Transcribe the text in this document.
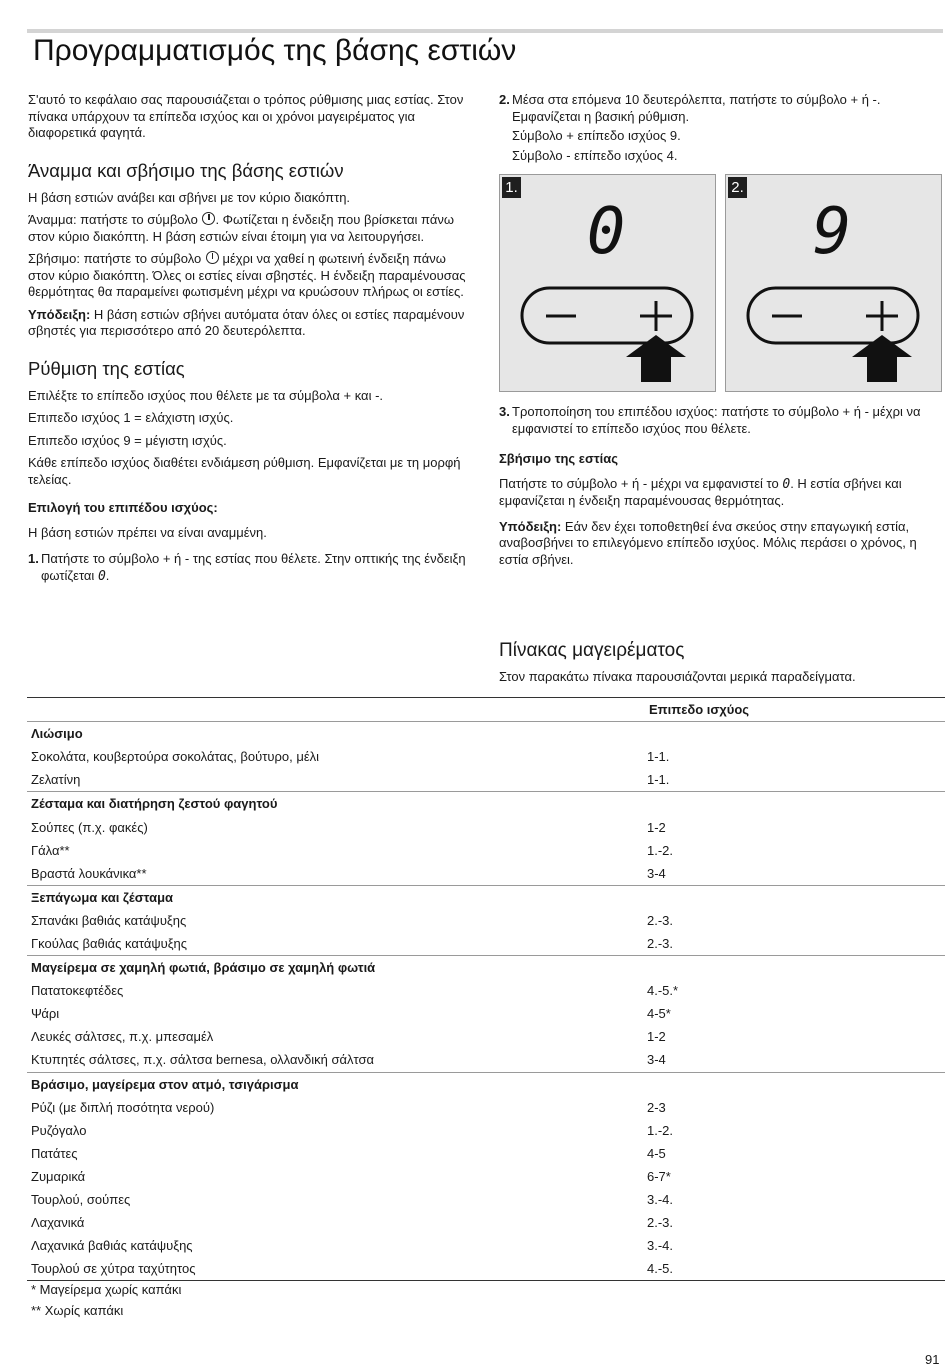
Προγραμματισμός της βάσης εστιών

Σ'αυτό το κεφάλαιο σας παρουσιάζεται ο τρόπος ρύθμισης μιας εστίας. Στον πίνακα υπάρχουν τα επίπεδα ισχύος και οι χρόνοι μαγειρέματος για διαφορετικά φαγητά.

Άναμμα και σβήσιμο της βάσης εστιών

Η βάση εστιών ανάβει και σβήνει με τον κύριο διακόπτη.

Άναμμα: πατήστε το σύμβολο . Φωτίζεται η ένδειξη που βρίσκεται πάνω στον κύριο διακόπτη. Η βάση εστιών είναι έτοιμη για να λειτουργήσει.

Σβήσιμο: πατήστε το σύμβολο μέχρι να χαθεί η φωτεινή ένδειξη πάνω στον κύριο διακόπτη. Όλες οι εστίες είναι σβηστές. Η ένδειξη παραμένουσας θερμότητας θα παραμείνει φωτισμένη μέχρι να κρυώσουν πλήρως οι εστίες.

Υπόδειξη: Η βάση εστιών σβήνει αυτόματα όταν όλες οι εστίες παραμένουν σβηστές για περισσότερο από 20 δευτερόλεπτα.

Ρύθμιση της εστίας

Επιλέξτε το επίπεδο ισχύος που θέλετε με τα σύμβολα + και -.

Επιπεδο ισχύος 1 = ελάχιστη ισχύς.

Επιπεδο ισχύος 9 = μέγιστη ισχύς.

Κάθε επίπεδο ισχύος διαθέτει ενδιάμεση ρύθμιση. Εμφανίζεται με τη μορφή τελείας.

Επιλογή του επιπέδου ισχύος:

Η βάση εστιών πρέπει να είναι αναμμένη.

1. Πατήστε το σύμβολο + ή - της εστίας που θέλετε. Στην οπτικής της ένδειξη φωτίζεται 0.
2. Μέσα στα επόμενα 10 δευτερόλεπτα, πατήστε το σύμβολο + ή -. Εμφανίζεται η βασική ρύθμιση.
Σύμβολο + επίπεδο ισχύος 9.
Σύμβολο - επίπεδο ισχύος 4.
0
1.
9
2.
3. Τροποποίηση του επιπέδου ισχύος: πατήστε το σύμβολο + ή - μέχρι να εμφανιστεί το επίπεδο ισχύος που θέλετε.
Σβήσιμο της εστίας

Πατήστε το σύμβολο + ή - μέχρι να εμφανιστεί το 0. Η εστία σβήνει και εμφανίζεται η ένδειξη παραμένουσας θερμότητας.

Υπόδειξη: Εάν δεν έχει τοποθετηθεί ένα σκεύος στην επαγωγική εστία, αναβοσβήνει το επιλεγόμενο επίπεδο ισχύος. Μόλις περάσει ο χρόνος, η εστία σβήνει.

Πίνακας μαγειρέματος

Στον παρακάτω πίνακα παρουσιάζονται μερικά παραδείγματα.

	Επιπεδο ισχύος
Λιώσιμο	
Σοκολάτα, κουβερτούρα σοκολάτας, βούτυρο, μέλι	1-1.
Ζελατίνη	1-1.
Ζέσταμα και διατήρηση ζεστού φαγητού	
Σούπες (π.χ. φακές)	1-2
Γάλα**	1.-2.
Βραστά λουκάνικα**	3-4
Ξεπάγωμα και ζέσταμα	
Σπανάκι βαθιάς κατάψυξης	2.-3.
Γκούλας βαθιάς κατάψυξης	2.-3.
Μαγείρεμα σε χαμηλή φωτιά, βράσιμο σε χαμηλή φωτιά	
Πατατοκεφτέδες	4.-5.*
Ψάρι	4-5*
Λευκές σάλτσες, π.χ. μπεσαμέλ	1-2
Κτυπητές σάλτσες, π.χ. σάλτσα bernesa, ολλανδική σάλτσα	3-4
Βράσιμο, μαγείρεμα στον ατμό, τσιγάρισμα	
Ρύζι (με διπλή ποσότητα νερού)	2-3
Ρυζόγαλο	1.-2.
Πατάτες	4-5
Ζυμαρικά	6-7*
Τουρλού, σούπες	3.-4.
Λαχανικά	2.-3.
Λαχανικά βαθιάς κατάψυξης	3.-4.
Τουρλού σε χύτρα ταχύτητος	4.-5.
* Μαγείρεμα χωρίς καπάκι
** Χωρίς καπάκι
91
